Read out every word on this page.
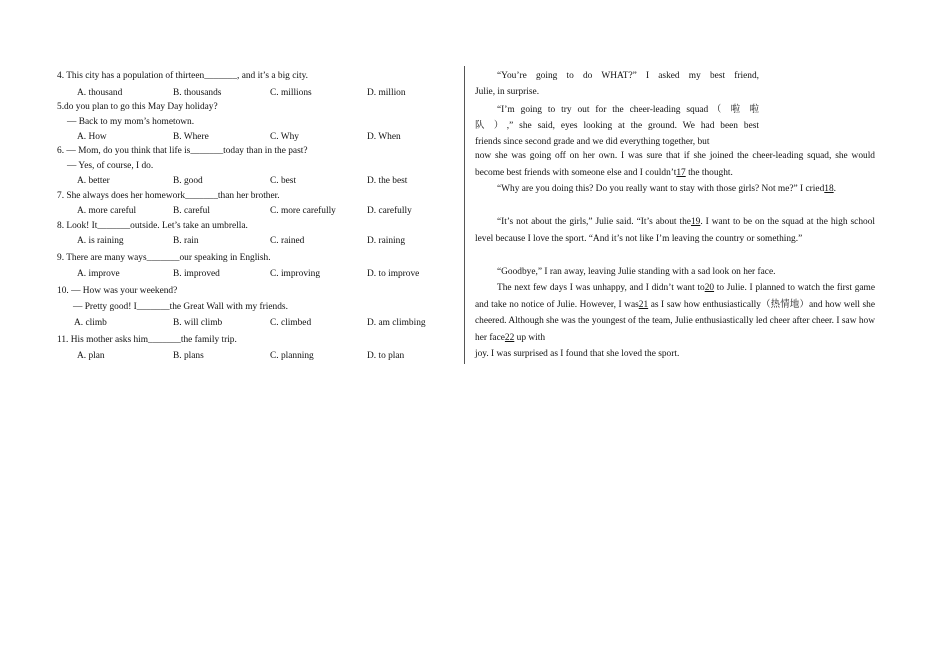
4. This city has a population of thirteen_______, and it’s a big city.
A. thousand	B. thousands	C. millions	D. million
5.do you plan to go this May Day holiday?
— Back to my mom’s hometown.
A. How	B. Where	C. Why	D. When
6. — Mom, do you think that life is_______today than in the past?
— Yes, of course, I do.
A. better	B. good	C. best	D. the best
7. She always does her homework_______than her brother.
A. more careful	B. careful	C. more carefully	D. carefully
8. Look! It_______outside. Let’s take an umbrella.
A. is raining	B. rain	C. rained	D. raining
9. There are many ways_______our speaking in English.
A. improve	B. improved	C. improving	D. to improve
10. — How was your weekend?
— Pretty good! I_______the Great Wall with my friends.
A. climb	B. will climb	C. climbed	D. am climbing
11. His mother asks him_______the family trip.
A. plan	B. plans	C. planning	D. to plan
“You’re going to do WHAT?” I asked my best friend,
Julie, in surprise.
“I’m going to try out for the cheer-leading squad（ 啦 啦
队 ）,” she said, eyes looking at the ground. We had been best
friends since second grade and we did everything together, but
now she was going off on her own. I was sure that if she joined the cheer-leading squad, she would become best friends with someone else and I couldn’t17 the thought.
“Why are you doing this? Do you really want to stay with those girls? Not me?” I cried18.
“It’s not about the girls,” Julie said. “It’s about the19. I want to be on the squad at the high school level because I love the sport. “And it’s not like I’m leaving the country or something.”
“Goodbye,” I ran away, leaving Julie standing with a sad look on her face.
The next few days I was unhappy, and I didn’t want to20 to Julie. I planned to watch the first game and take no notice of Julie. However, I was21 as I saw how enthusiastically（热情地）and how well she cheered. Although she was the youngest of the team, Julie enthusiastically led cheer after cheer. I saw how her face22 up with
joy. I was surprised as I found that she loved the sport.
